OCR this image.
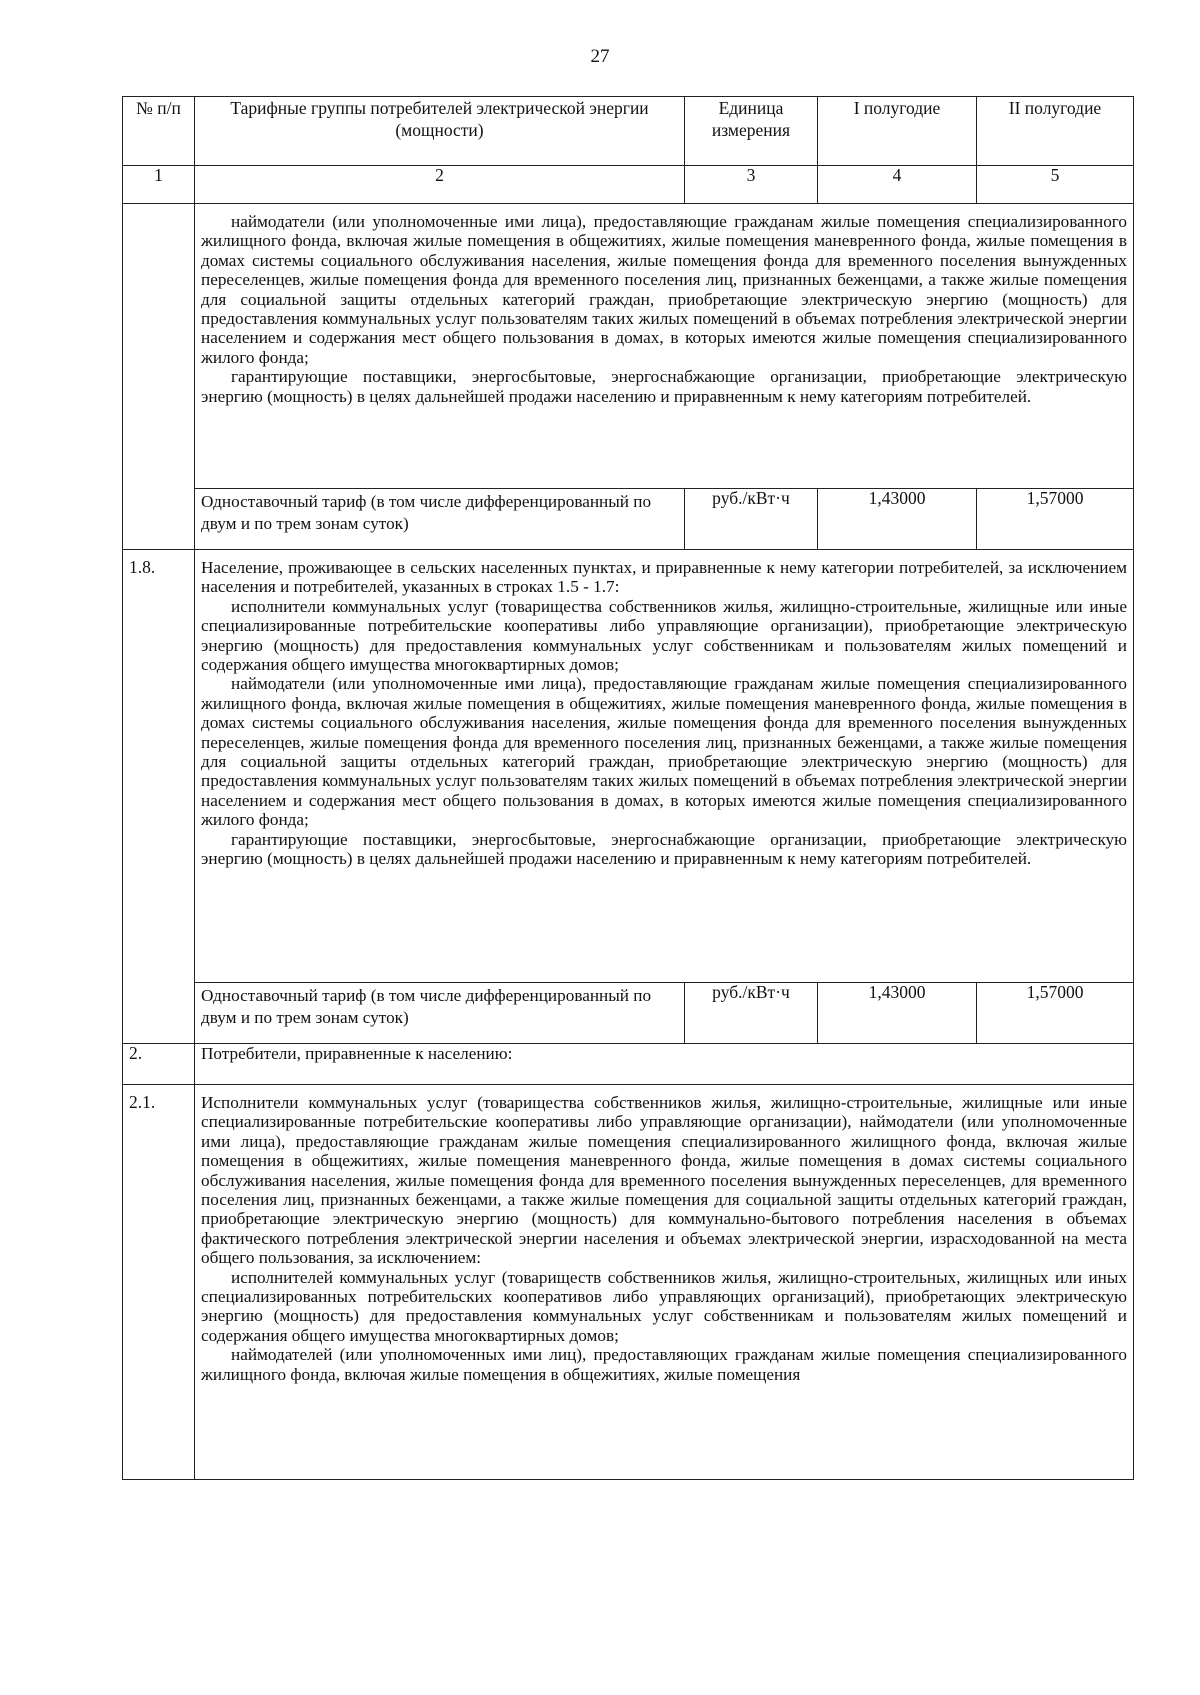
27
№ п/п	Тарифные группы потребителей электрической энергии (мощности)	Единица измерения	I полугодие	II полугодие
1	2	3	4	5

	наймодатели (или уполномоченные ими лица), предоставляющие гражданам жилые помещения специализированного жилищного фонда, включая жилые помещения в общежитиях, жилые помещения маневренного фонда, жилые помещения в домах системы социального обслуживания населения, жилые помещения фонда для временного поселения вынужденных переселенцев, жилые помещения фонда для временного поселения лиц, признанных беженцами, а также жилые помещения для социальной защиты отдельных категорий граждан, приобретающие электрическую энергию (мощность) для предоставления коммунальных услуг пользователям таких жилых помещений в объемах потребления электрической энергии населением и содержания мест общего пользования в домах, в которых имеются жилые помещения специализированного жилого фонда;

гарантирующие поставщики, энергосбытовые, энергоснабжающие организации, приобретающие электрическую энергию (мощность) в целях дальнейшей продажи населению и приравненным к нему категориям потребителей.			

	Одноставочный тариф (в том числе дифференцированный по двум и по трем зонам суток)	руб./кВт·ч	1,43000	1,57000
1.8.	Население, проживающее в сельских населенных пунктах, и приравненные к нему категории потребителей, за исключением населения и потребителей, указанных в строках 1.5 - 1.7:

исполнители коммунальных услуг (товарищества собственников жилья, жилищно-строительные, жилищные или иные специализированные потребительские кооперативы либо управляющие организации), приобретающие электрическую энергию (мощность) для предоставления коммунальных услуг собственникам и пользователям жилых помещений и содержания общего имущества многоквартирных домов;

наймодатели (или уполномоченные ими лица), предоставляющие гражданам жилые помещения специализированного жилищного фонда, включая жилые помещения в общежитиях, жилые помещения маневренного фонда, жилые помещения в домах системы социального обслуживания населения, жилые помещения фонда для временного поселения вынужденных переселенцев, жилые помещения фонда для временного поселения лиц, признанных беженцами, а также жилые помещения для социальной защиты отдельных категорий граждан, приобретающие электрическую энергию (мощность) для предоставления коммунальных услуг пользователям таких жилых помещений в объемах потребления электрической энергии населением и содержания мест общего пользования в домах, в которых имеются жилые помещения специализированного жилого фонда;

гарантирующие поставщики, энергосбытовые, энергоснабжающие организации, приобретающие электрическую энергию (мощность) в целях дальнейшей продажи населению и приравненным к нему категориям потребителей.			

	Одноставочный тариф (в том числе дифференцированный по двум и по трем зонам суток)	руб./кВт·ч	1,43000	1,57000
2.	Потребители, приравненные к населению:			
2.1.	Исполнители коммунальных услуг (товарищества собственников жилья, жилищно-строительные, жилищные или иные специализированные потребительские кооперативы либо управляющие организации), наймодатели (или уполномоченные ими лица), предоставляющие гражданам жилые помещения специализированного жилищного фонда, включая жилые помещения в общежитиях, жилые помещения маневренного фонда, жилые помещения в домах системы социального обслуживания населения, жилые помещения фонда для временного поселения вынужденных переселенцев, для временного поселения лиц, признанных беженцами, а также жилые помещения для социальной защиты отдельных категорий граждан, приобретающие электрическую энергию (мощность) для коммунально-бытового потребления населения в объемах фактического потребления электрической энергии населения и объемах электрической энергии, израсходованной на места общего пользования, за исключением:

исполнителей коммунальных услуг (товариществ собственников жилья, жилищно-строительных, жилищных или иных специализированных потребительских кооперативов либо управляющих организаций), приобретающих электрическую энергию (мощность) для предоставления коммунальных услуг собственникам и пользователям жилых помещений и содержания общего имущества многоквартирных домов;

наймодателей (или уполномоченных ими лиц), предоставляющих гражданам жилые помещения специализированного жилищного фонда, включая жилые помещения в общежитиях, жилые помещения			
